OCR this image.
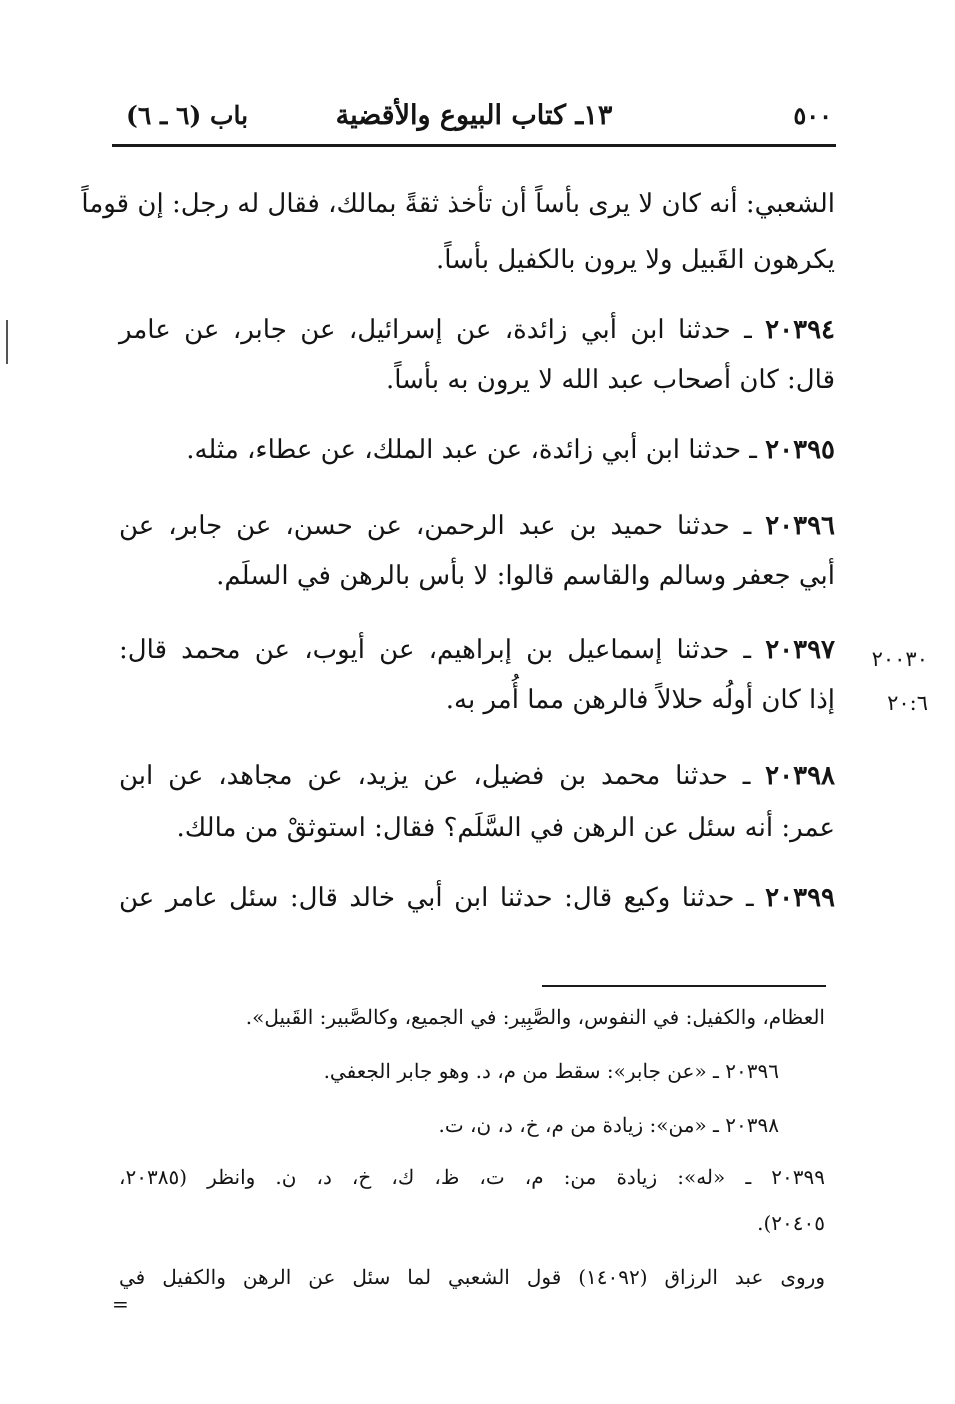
باب (٦ ـ ٦)	١٣ـ كتاب البيوع والأقضية	٥٠٠
الشعبي: أنه كان لا يرى بأساً أن تأخذ ثقةً بمالك، فقال له رجل: إن قوماً
يكرهون القَبيل ولا يرون بالكفيل بأساً.
٢٠٣٩٤ ـ حدثنا ابن أبي زائدة، عن إسرائيل، عن جابر، عن عامر
قال: كان أصحاب عبد الله لا يرون به بأساً.
٢٠٣٩٥ ـ حدثنا ابن أبي زائدة، عن عبد الملك، عن عطاء، مثله.
٢٠٣٩٦ ـ حدثنا حميد بن عبد الرحمن، عن حسن، عن جابر، عن
أبي جعفر وسالم والقاسم قالوا: لا بأس بالرهن في السلَم.
٢٠٣٩٧ ـ حدثنا إسماعيل بن إبراهيم، عن أيوب، عن محمد قال:
إذا كان أولُه حلالاً فالرهن مما أُمر به.
٢٠٠٣٠
٢٠:٦
٢٠٣٩٨ ـ حدثنا محمد بن فضيل، عن يزيد، عن مجاهد، عن ابن
عمر: أنه سئل عن الرهن في السَّلَم؟ فقال: استوثقْ من مالك.
٢٠٣٩٩ ـ حدثنا وكيع قال: حدثنا ابن أبي خالد قال: سئل عامر عن
العظام، والكفيل: في النفوس، والصَّبِير: في الجميع، وكالصَّبير: القَبيل».
٢٠٣٩٦ ـ «عن جابر»: سقط من م، د. وهو جابر الجعفي.
٢٠٣٩٨ ـ «من»: زيادة من م، خ، د، ن، ت.
٢٠٣٩٩ ـ «له»: زيادة من: م، ت، ظ، ك، خ، د، ن. وانظر (٢٠٣٨٥،
٢٠٤٠٥).
وروى عبد الرزاق (١٤٠٩٢) قول الشعبي لما سئل عن الرهن والكفيل في
=
